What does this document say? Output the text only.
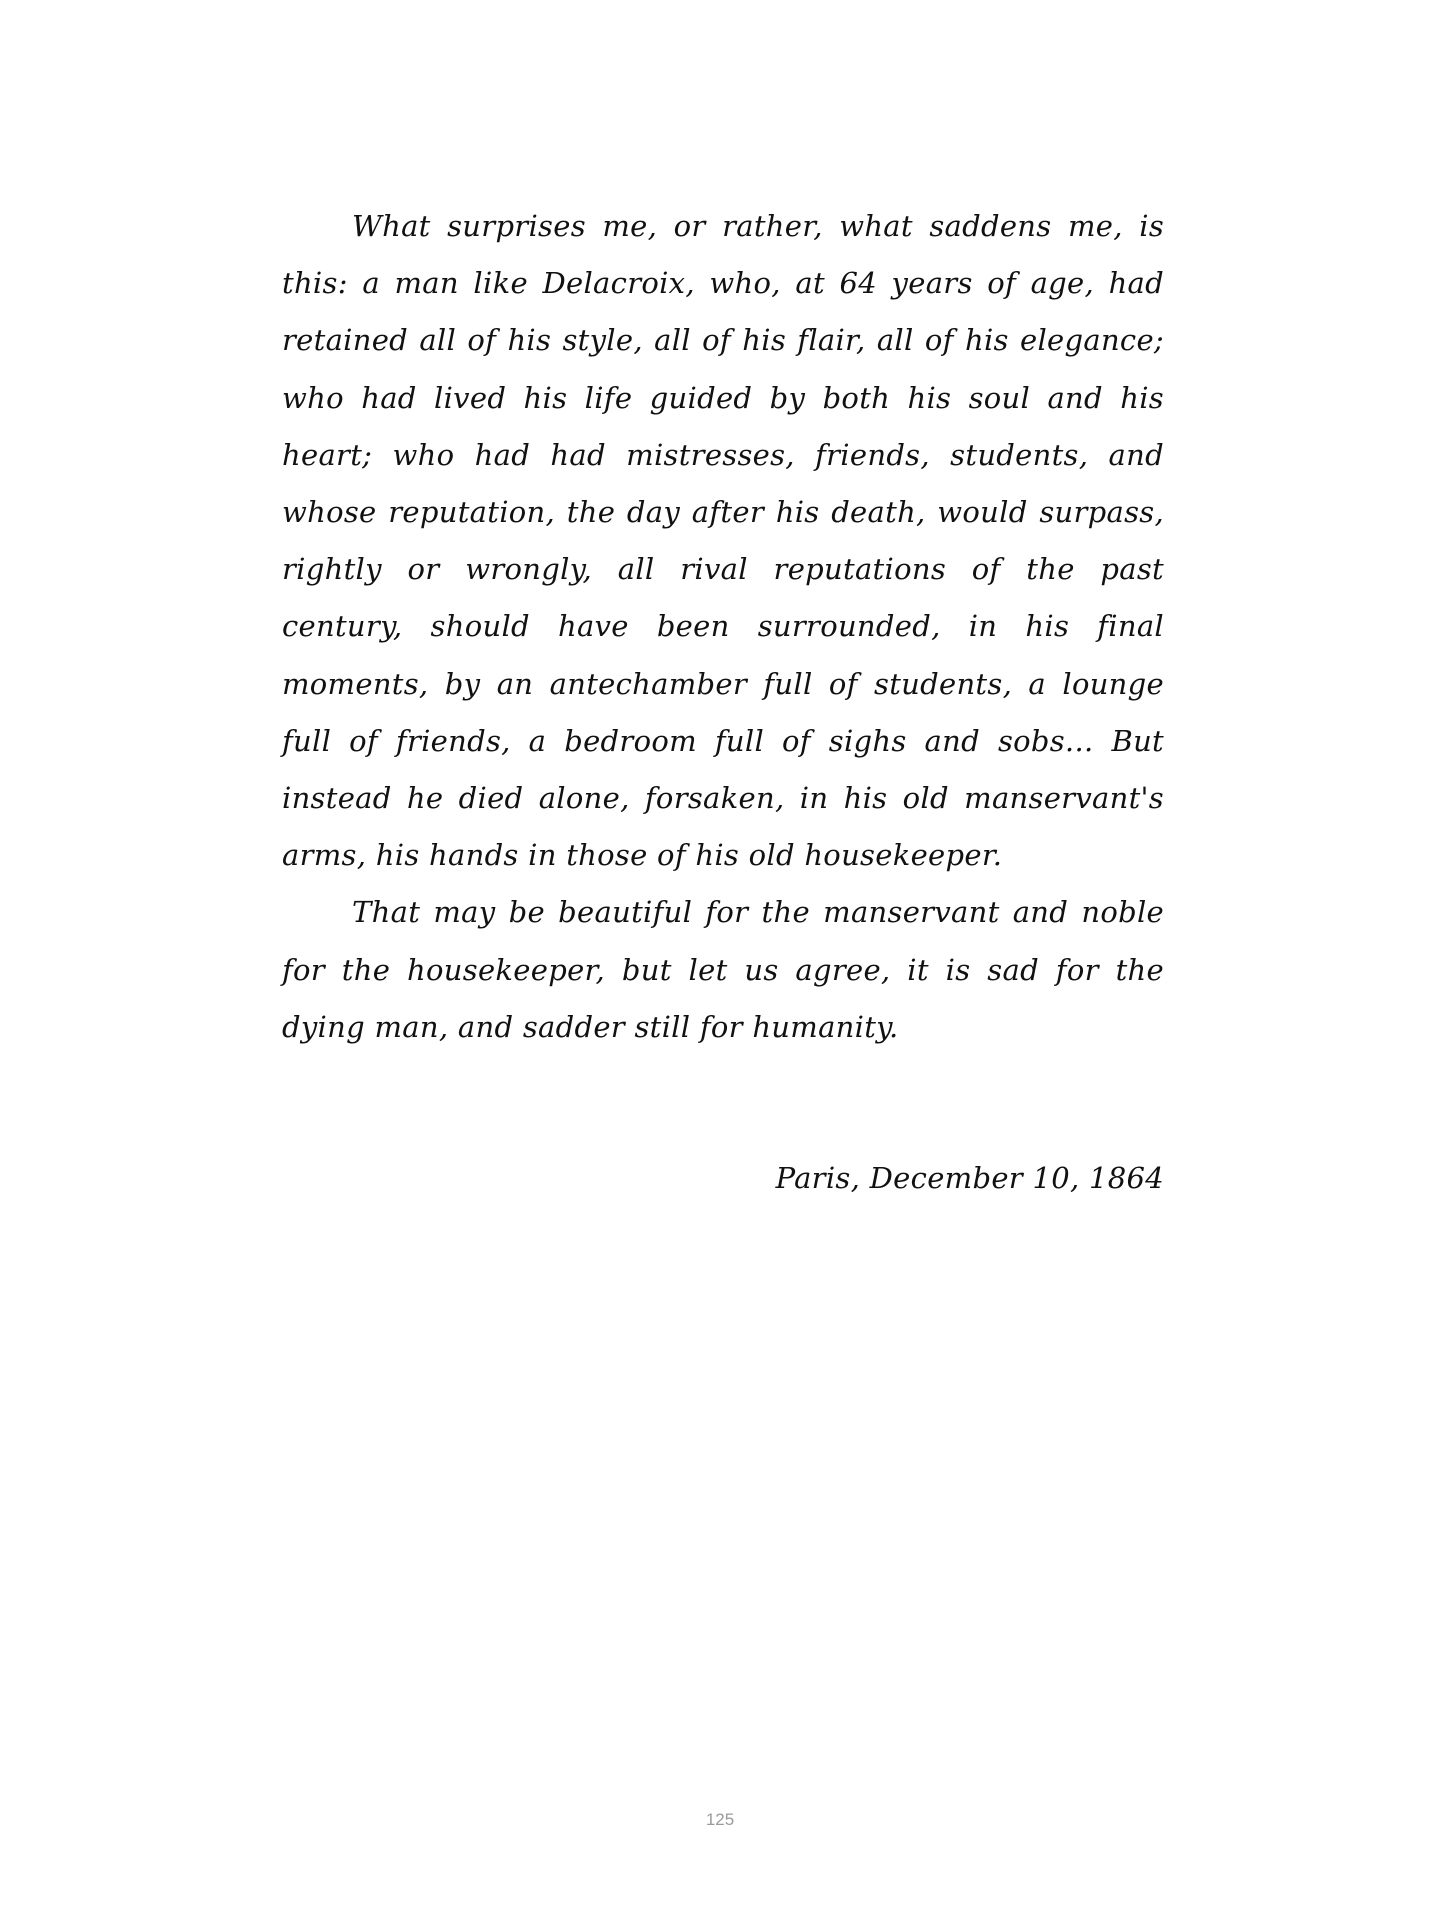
What surprises me, or rather, what saddens me, is this: a man like Delacroix, who, at 64 years of age, had retained all of his style, all of his flair, all of his elegance; who had lived his life guided by both his soul and his heart; who had had mistresses, friends, students, and whose reputation, the day after his death, would surpass, rightly or wrongly, all rival reputations of the past century, should have been surrounded, in his final moments, by an antechamber full of students, a lounge full of friends, a bedroom full of sighs and sobs... But instead he died alone, forsaken, in his old manservant's arms, his hands in those of his old housekeeper.

That may be beautiful for the manservant and noble for the housekeeper, but let us agree, it is sad for the dying man, and sadder still for humanity.

Paris, December 10, 1864
125
